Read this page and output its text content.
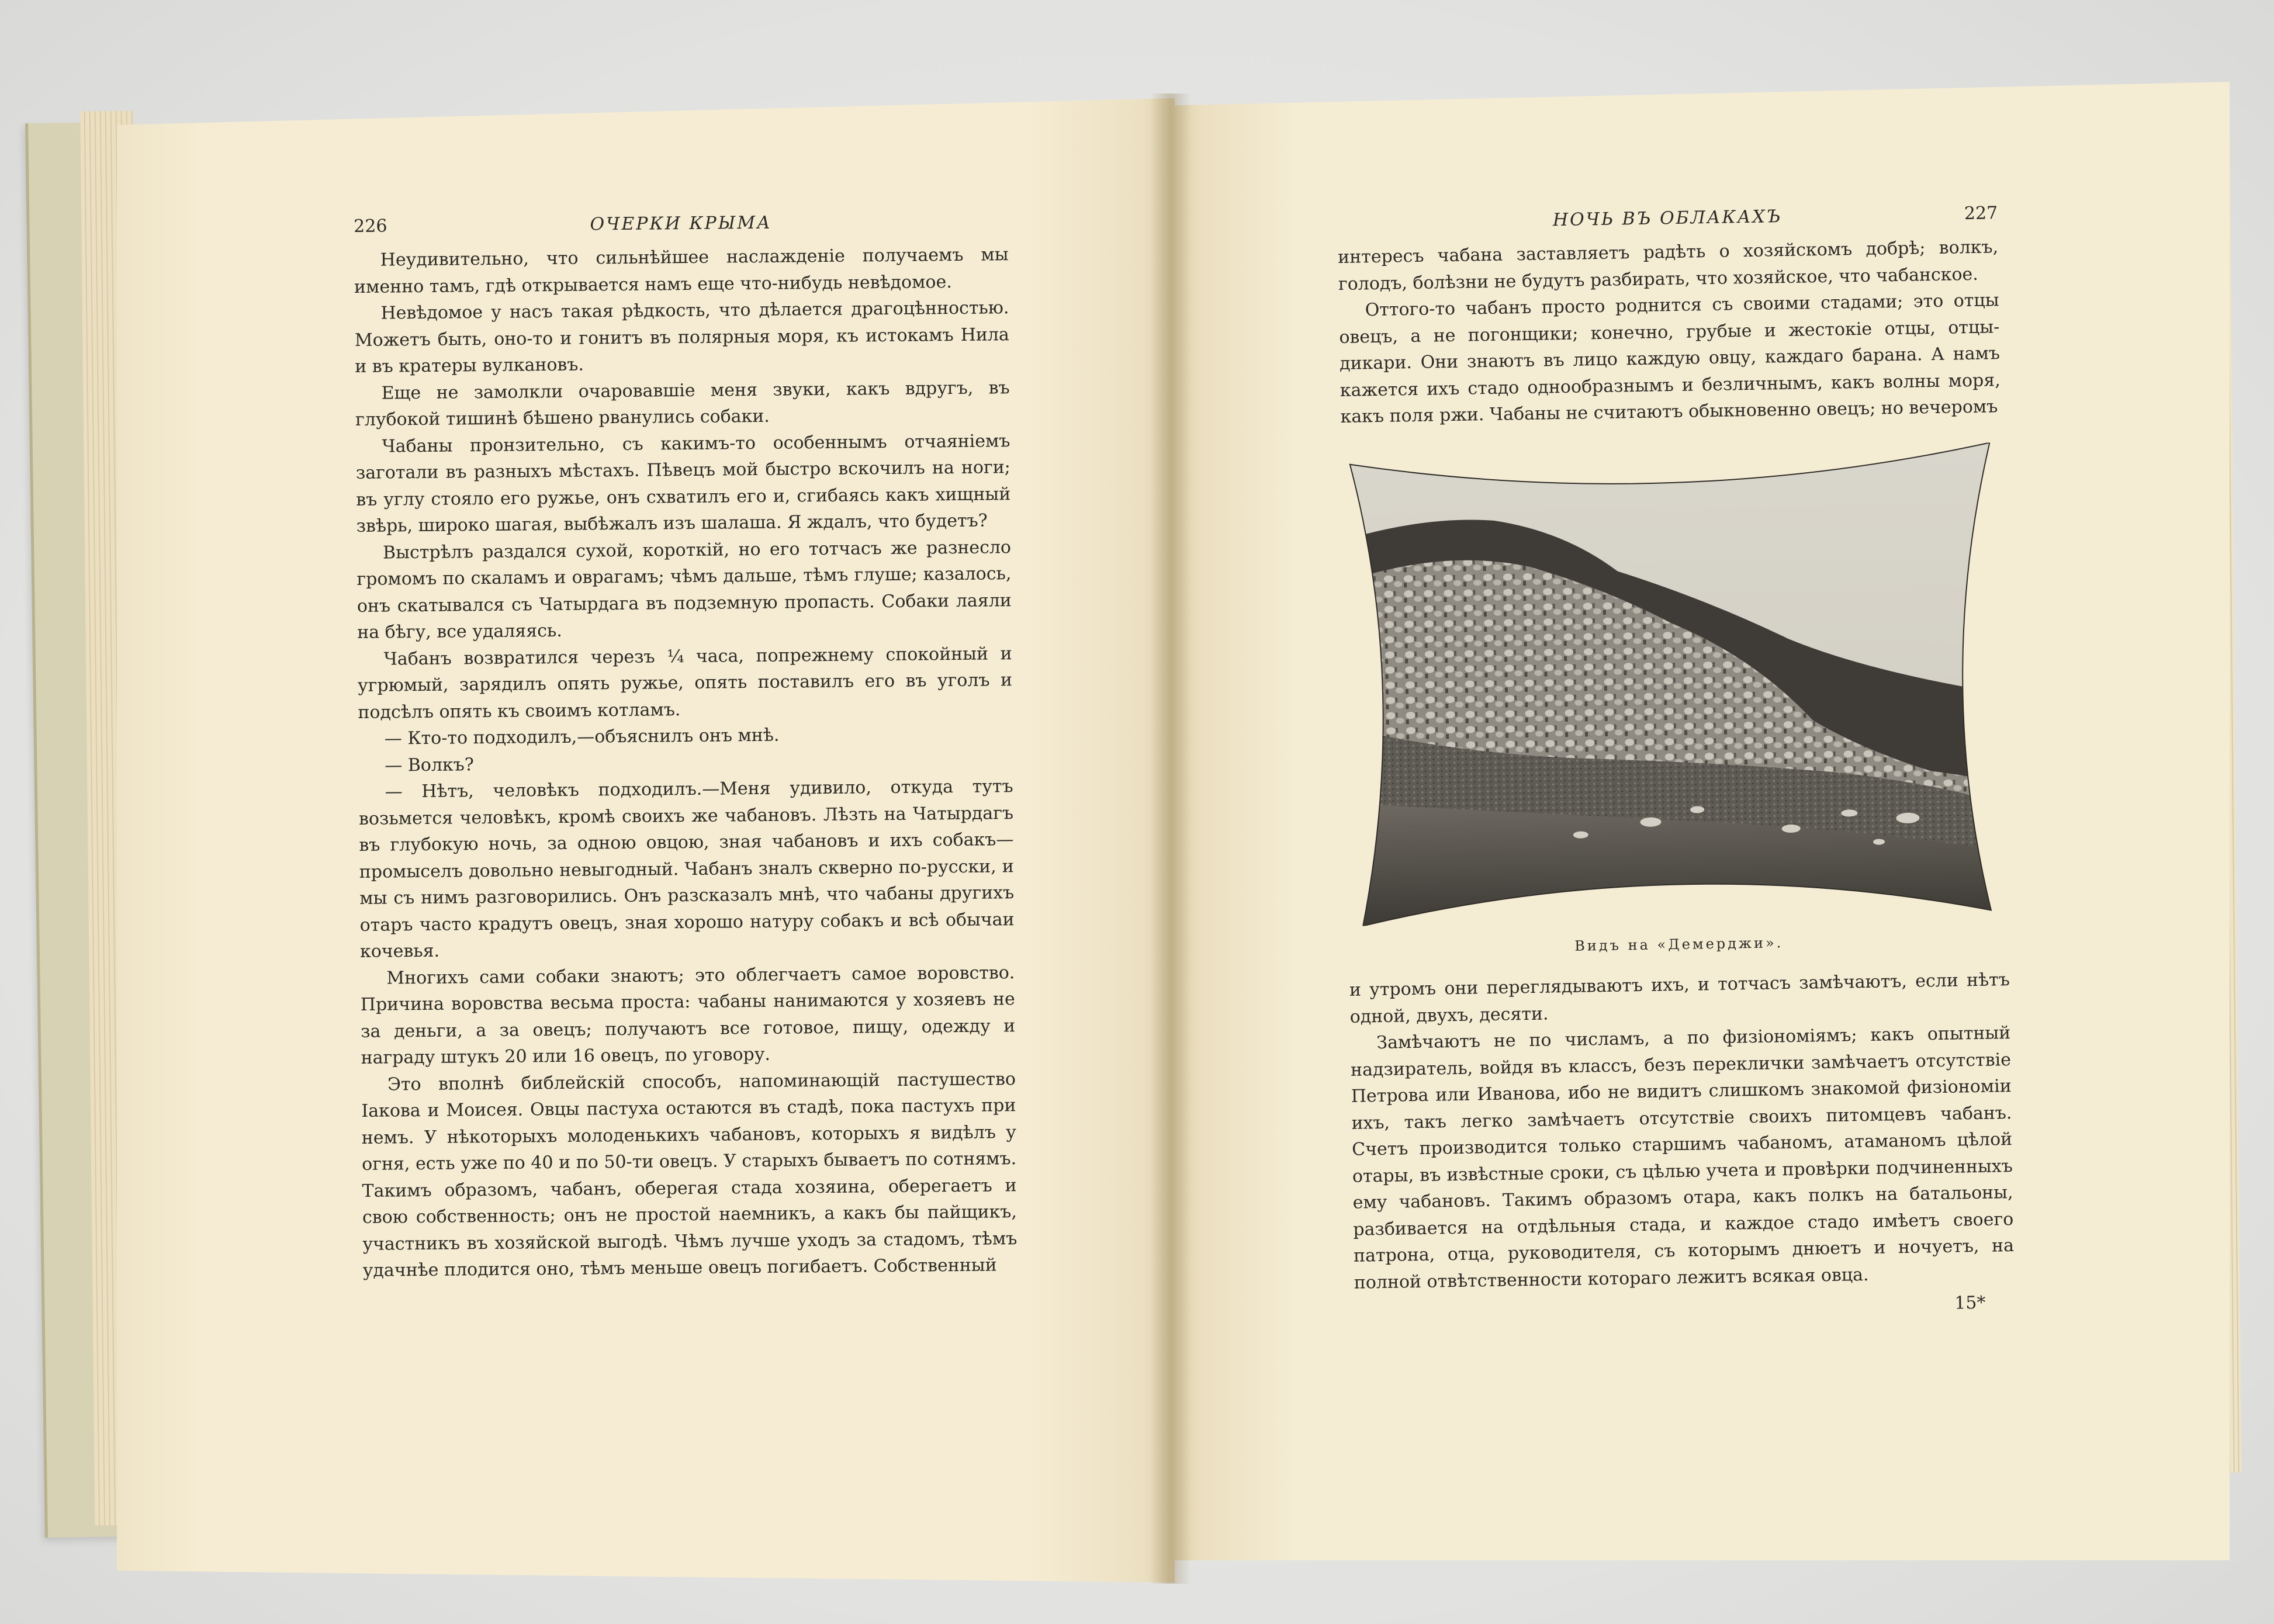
226	ОЧЕРКИ КРЫМА

Неудивительно, что сильнѣйшее наслажденіе получаемъ мы именно тамъ, гдѣ открывается намъ еще что-нибудь невѣдомое.

Невѣдомое у насъ такая рѣдкость, что дѣлается драгоцѣнностью. Можетъ быть, оно-то и гонитъ въ полярныя моря, къ истокамъ Нила и въ кратеры вулкановъ.

Еще не замолкли очаровавшіе меня звуки, какъ вдругъ, въ глубокой тишинѣ бѣшено рванулись собаки.

Чабаны пронзительно, съ какимъ-то особеннымъ отчаяніемъ заготали въ разныхъ мѣстахъ. Пѣвецъ мой быстро вскочилъ на ноги; въ углу стояло его ружье, онъ схватилъ его и, сгибаясь какъ хищный звѣрь, широко шагая, выбѣжалъ изъ шалаша. Я ждалъ, что будетъ?

Выстрѣлъ раздался сухой, короткій, но его тотчасъ же разнесло громомъ по скаламъ и оврагамъ; чѣмъ дальше, тѣмъ глуше; казалось, онъ скатывался съ Чатырдага въ подземную пропасть. Собаки лаяли на бѣгу, все удаляясь.

Чабанъ возвратился черезъ ¼ часа, попрежнему спокойный и угрюмый, зарядилъ опять ружье, опять поставилъ его въ уголъ и подсѣлъ опять къ своимъ котламъ.

— Кто-то подходилъ,—объяснилъ онъ мнѣ.

— Волкъ?

— Нѣтъ, человѣкъ подходилъ.—Меня удивило, откуда тутъ возьмется человѣкъ, кромѣ своихъ же чабановъ. Лѣзть на Чатырдагъ въ глубокую ночь, за одною овцою, зная чабановъ и ихъ собакъ—промыселъ довольно невыгодный. Чабанъ зналъ скверно по-русски, и мы съ нимъ разговорились. Онъ разсказалъ мнѣ, что чабаны другихъ отаръ часто крадутъ овецъ, зная хорошо натуру собакъ и всѣ обычаи кочевья.

Многихъ сами собаки знаютъ; это облегчаетъ самое воровство. Причина воровства весьма проста: чабаны нанимаются у хозяевъ не за деньги, а за овецъ; получаютъ все готовое, пищу, одежду и награду штукъ 20 или 16 овецъ, по уговору.

Это вполнѣ библейскій способъ, напоминающій пастушество Іакова и Моисея. Овцы пастуха остаются въ стадѣ, пока пастухъ при немъ. У нѣкоторыхъ молоденькихъ чабановъ, которыхъ я видѣлъ у огня, есть уже по 40 и по 50-ти овецъ. У старыхъ бываетъ по сотнямъ. Такимъ образомъ, чабанъ, оберегая стада хозяина, оберегаетъ и свою собственность; онъ не простой наемникъ, а какъ бы пайщикъ, участникъ въ хозяйской выгодѣ. Чѣмъ лучше уходъ за стадомъ, тѣмъ удачнѣе плодится оно, тѣмъ меньше овецъ погибаетъ. Собственный

НОЧЬ ВЪ ОБЛАКАХЪ	227

интересъ чабана заставляетъ радѣть о хозяйскомъ добрѣ; волкъ, голодъ, болѣзни не будутъ разбирать, что хозяйское, что чабанское.

Оттого-то чабанъ просто роднится съ своими стадами; это отцы овецъ, а не погонщики; конечно, грубые и жестокіе отцы, отцы-дикари. Они знаютъ въ лицо каждую овцу, каждаго барана. А намъ кажется ихъ стадо однообразнымъ и безличнымъ, какъ волны моря, какъ поля ржи. Чабаны не считаютъ обыкновенно овецъ; но вечеромъ

Видъ на «Демерджи».

и утромъ они переглядываютъ ихъ, и тотчасъ замѣчаютъ, если нѣтъ одной, двухъ, десяти.

Замѣчаютъ не по числамъ, а по физіономіямъ; какъ опытный надзиратель, войдя въ классъ, безъ переклички замѣчаетъ отсутствіе Петрова или Иванова, ибо не видитъ слишкомъ знакомой физіономіи ихъ, такъ легко замѣчаетъ отсутствіе своихъ питомцевъ чабанъ. Счетъ производится только старшимъ чабаномъ, атаманомъ цѣлой отары, въ извѣстные сроки, съ цѣлью учета и провѣрки подчиненныхъ ему чабановъ. Такимъ образомъ отара, какъ полкъ на батальоны, разбивается на отдѣльныя стада, и каждое стадо имѣетъ своего патрона, отца, руководителя, съ которымъ днюетъ и ночуетъ, на полной отвѣтственности котораго лежитъ всякая овца.

15*
